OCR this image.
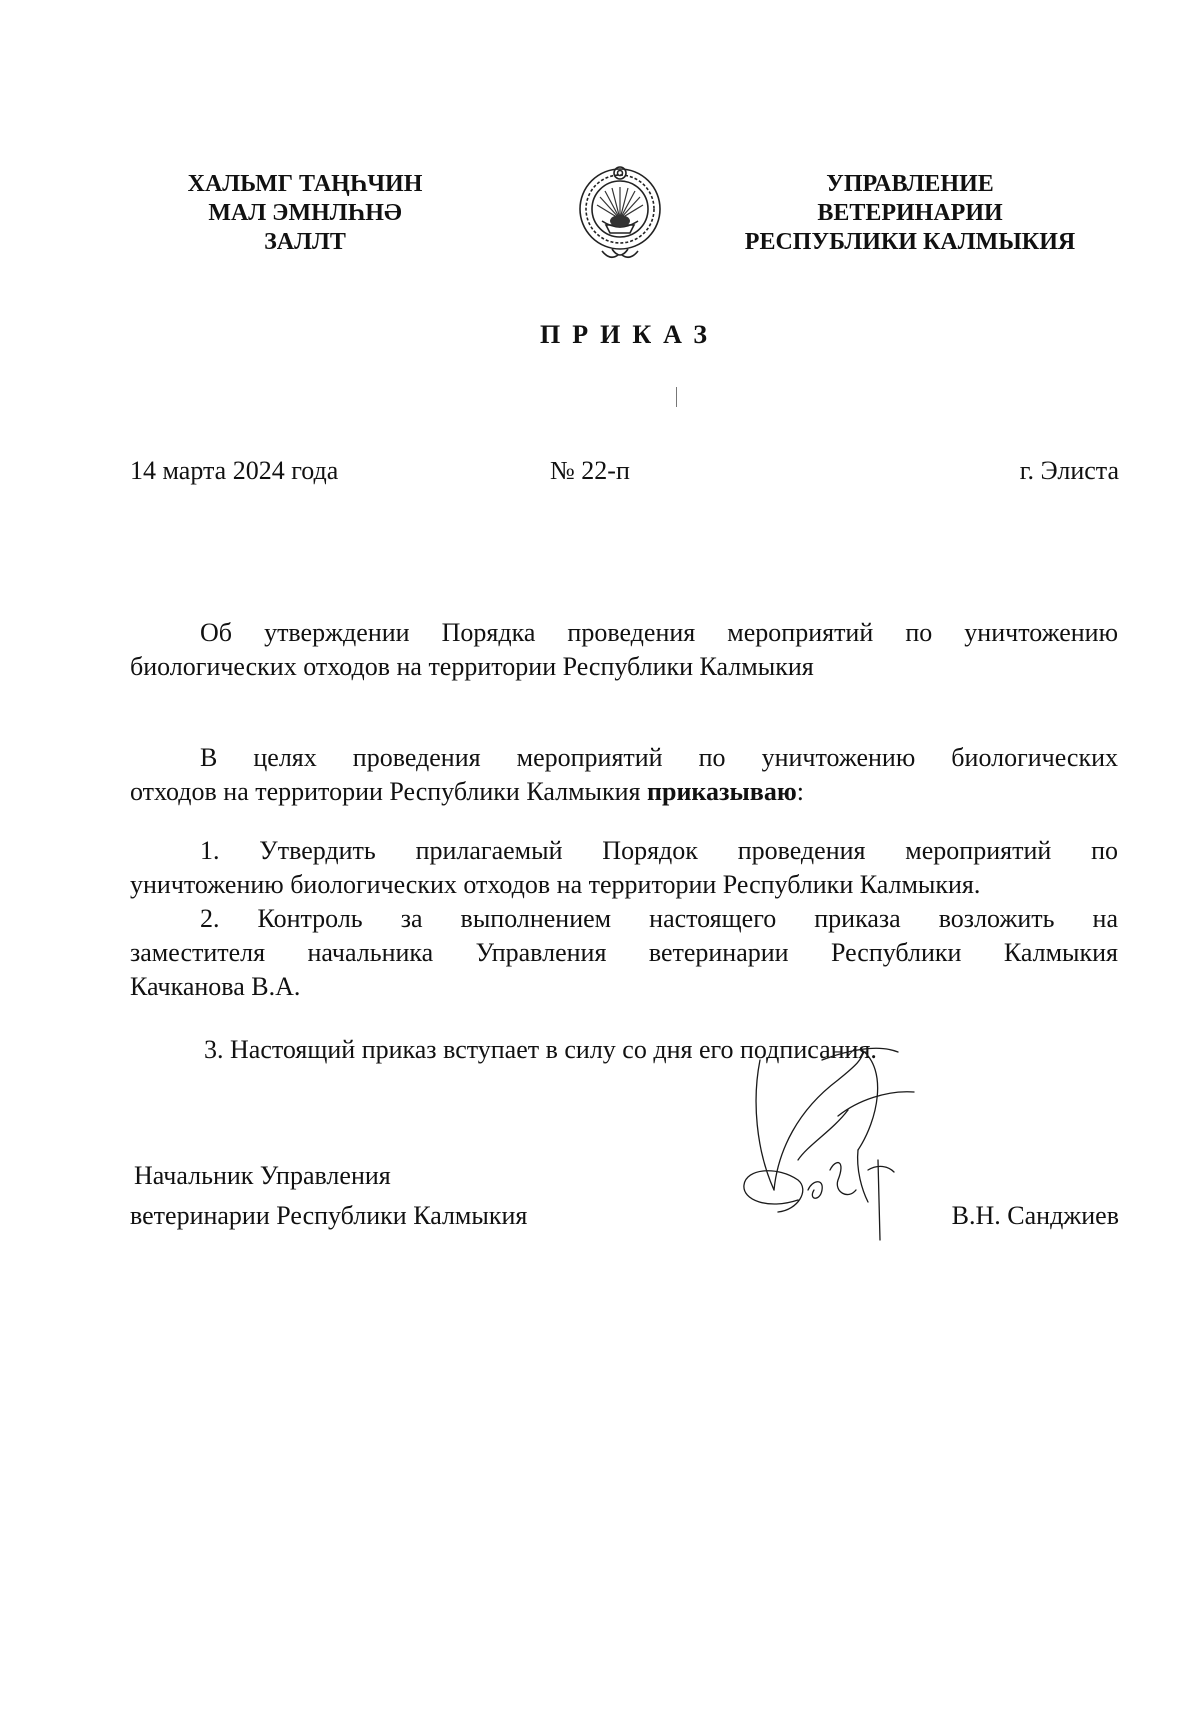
ХАЛЬМГ ТАҢҺЧИН
МАЛ ЭМНЛҺНӘ
ЗАЛЛТ
УПРАВЛЕНИЕ
ВЕТЕРИНАРИИ
РЕСПУБЛИКИ КАЛМЫКИЯ
ПРИКАЗ
14 марта 2024 года	№ 22-п	г. Элиста
Об утверждении Порядка проведения мероприятий по уничтожению
биологических отходов на территории Республики Калмыкия
В целях проведения мероприятий по уничтожению биологических
отходов на территории Республики Калмыкия приказываю:
1. Утвердить прилагаемый Порядок проведения мероприятий по
уничтожению биологических отходов на территории Республики Калмыкия.
2. Контроль за выполнением настоящего приказа возложить на
заместителя начальника Управления ветеринарии Республики Калмыкия
Качканова В.А.
3. Настоящий приказ вступает в силу со дня его подписания.
Начальник Управления
ветеринарии Республики Калмыкия	В.Н. Санджиев
